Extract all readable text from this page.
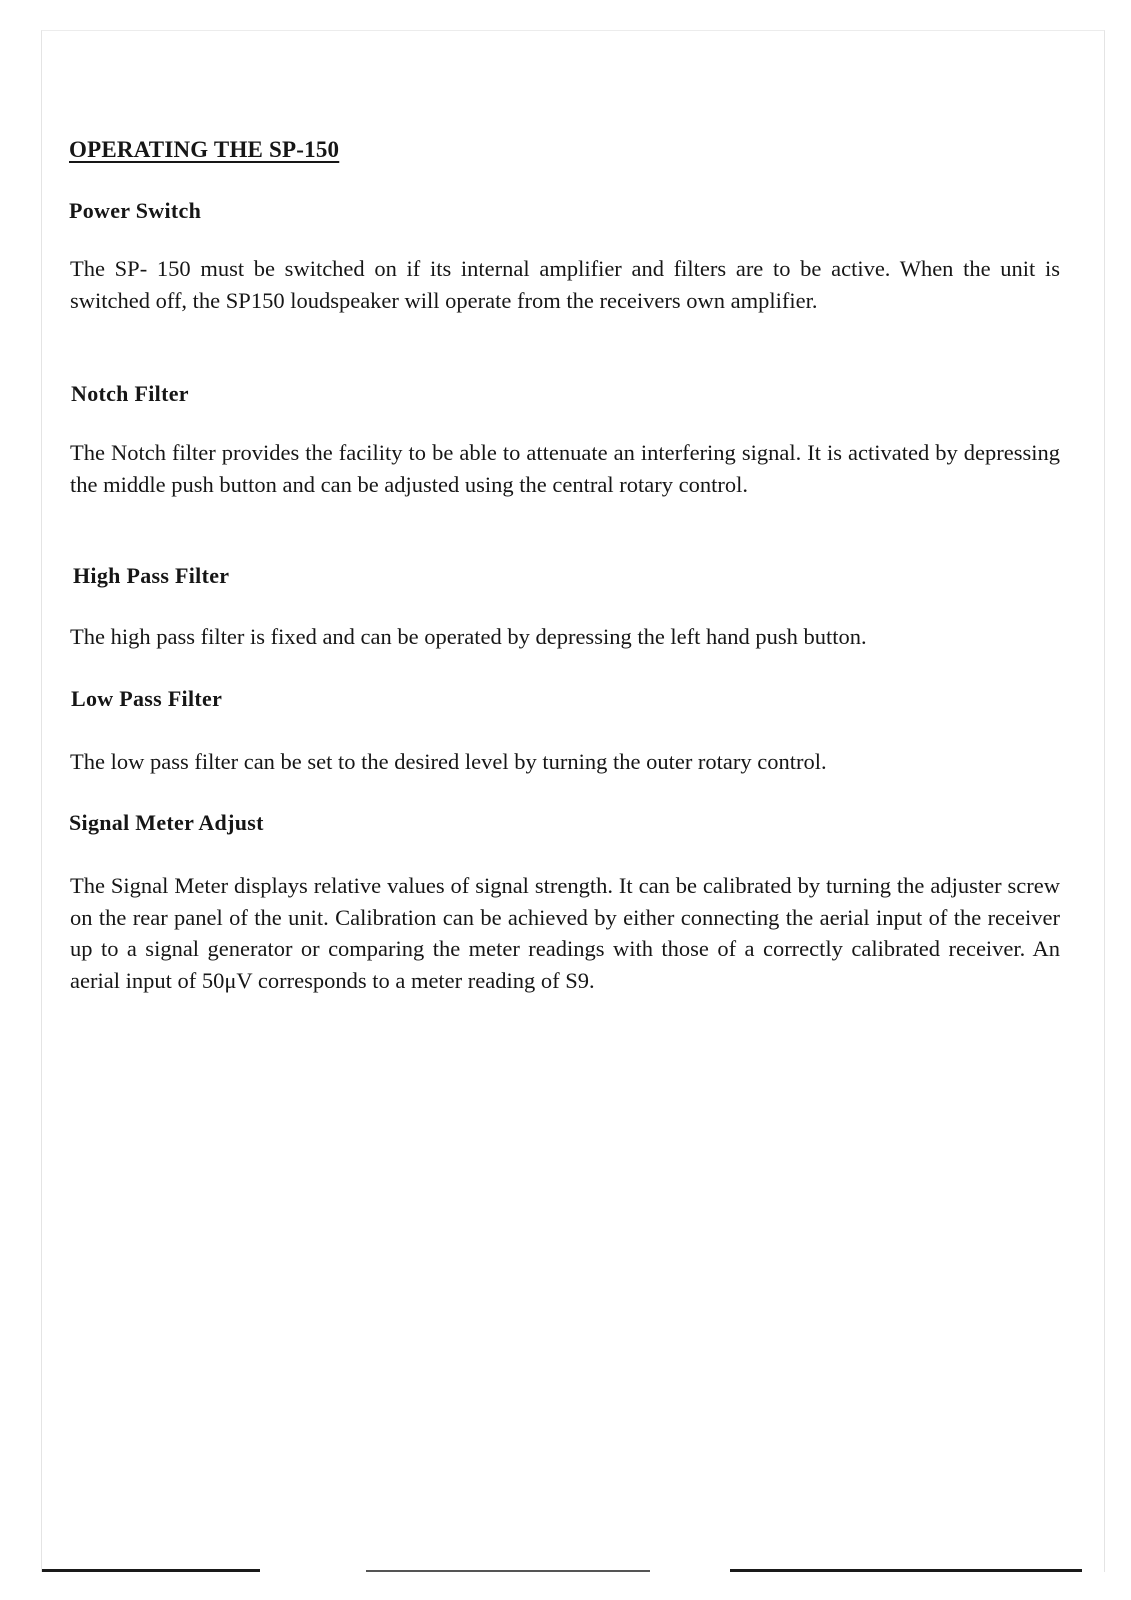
OPERATING THE SP-150
Power Switch

The SP- 150 must be switched on if its internal amplifier and filters are to be active. When the unit is switched off, the SP150 loudspeaker will operate from the receivers own amplifier.

Notch Filter

The Notch filter provides the facility to be able to attenuate an interfering signal. It is activated by depressing the middle push button and can be adjusted using the central rotary control.

High Pass Filter

The high pass filter is fixed and can be operated by depressing the left hand push button.

Low Pass Filter

The low pass filter can be set to the desired level by turning the outer rotary control.

Signal Meter Adjust

The Signal Meter displays relative values of signal strength. It can be calibrated by turning the adjuster screw on the rear panel of the unit. Calibration can be achieved by either connecting the aerial input of the receiver up to a signal generator or comparing the meter readings with those of a correctly calibrated receiver. An aerial input of 50μV corresponds to a meter reading of S9.
